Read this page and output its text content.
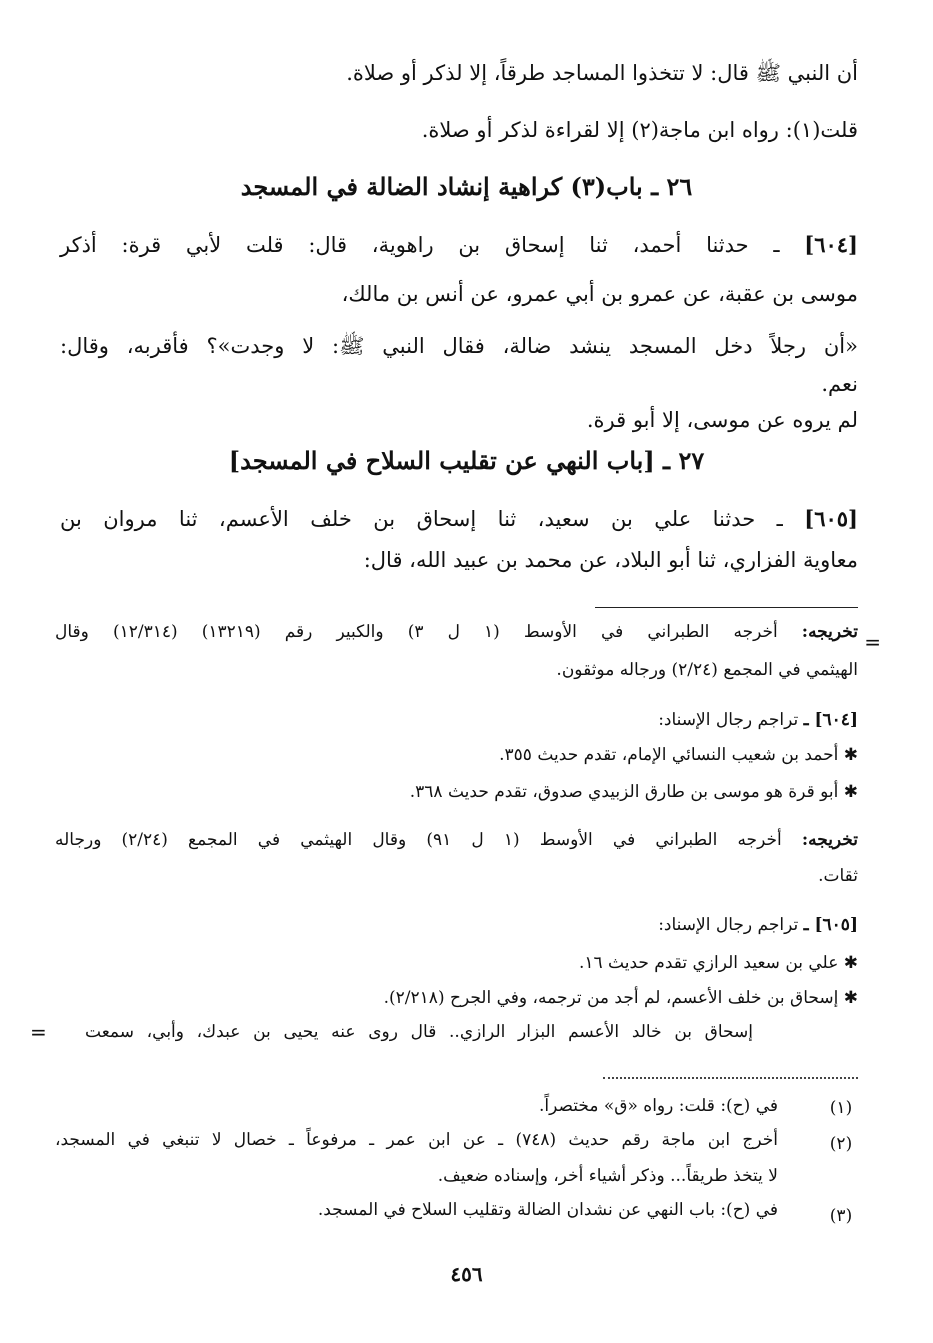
أن النبي ﷺ قال: لا تتخذوا المساجد طرقاً، إلا لذكر أو صلاة.
قلت(١): رواه ابن ماجة(٢) إلا لقراءة لذكر أو صلاة.
٢٦ ـ باب(٣) كراهية إنشاد الضالة في المسجد
[٦٠٤] ـ حدثنا أحمد، ثنا إسحاق بن راهوية، قال: قلت لأبي قرة: أذكر
موسى بن عقبة، عن عمرو بن أبي عمرو، عن أنس بن مالك،
«أن رجلاً دخل المسجد ينشد ضالة، فقال النبي ﷺ: لا وجدت»؟ فأقربه، وقال:
نعم.
لم يروه عن موسى، إلا أبو قرة.
٢٧ ـ [باب النهي عن تقليب السلاح في المسجد]
[٦٠٥] ـ حدثنا علي بن سعيد، ثنا إسحاق بن خلف الأعسم، ثنا مروان بن
معاوية الفزاري، ثنا أبو البلاد، عن محمد بن عبيد الله، قال:
=
تخريجه: أخرجه الطبراني في الأوسط (١ ل ٣) والكبير رقم (١٣٢١٩) (١٢/٣١٤) وقال
الهيثمي في المجمع (٢/٢٤) ورجاله موثقون.
[٦٠٤] ـ تراجم رجال الإسناد:
✱ أحمد بن شعيب النسائي الإمام، تقدم حديث ٣٥٥.
✱ أبو قرة هو موسى بن طارق الزبيدي صدوق، تقدم حديث ٣٦٨.
تخريجه: أخرجه الطبراني في الأوسط (١ ل ٩١) وقال الهيثمي في المجمع (٢/٢٤) ورجاله
ثقات.
[٦٠٥] ـ تراجم رجال الإسناد:
✱ علي بن سعيد الرازي تقدم حديث ١٦.
✱ إسحاق بن خلف الأعسم، لم أجد من ترجمه، وفي الجرح (٢/٢١٨).
إسحاق بن خالد الأعسم البزار الرازي.. قال روى عنه يحيى بن عبدك، وأبي، سمعت
=
(١)
في (ح): قلت: رواه «ق» مختصراً.
(٢)
أخرج ابن ماجة رقم حديث (٧٤٨) ـ عن ابن عمر ـ مرفوعاً ـ خصال لا تنبغي في المسجد،
لا يتخذ طريقاً... وذكر أشياء أخر، وإسناده ضعيف.
(٣)
في (ح): باب النهي عن نشدان الضالة وتقليب السلاح في المسجد.
٤٥٦
